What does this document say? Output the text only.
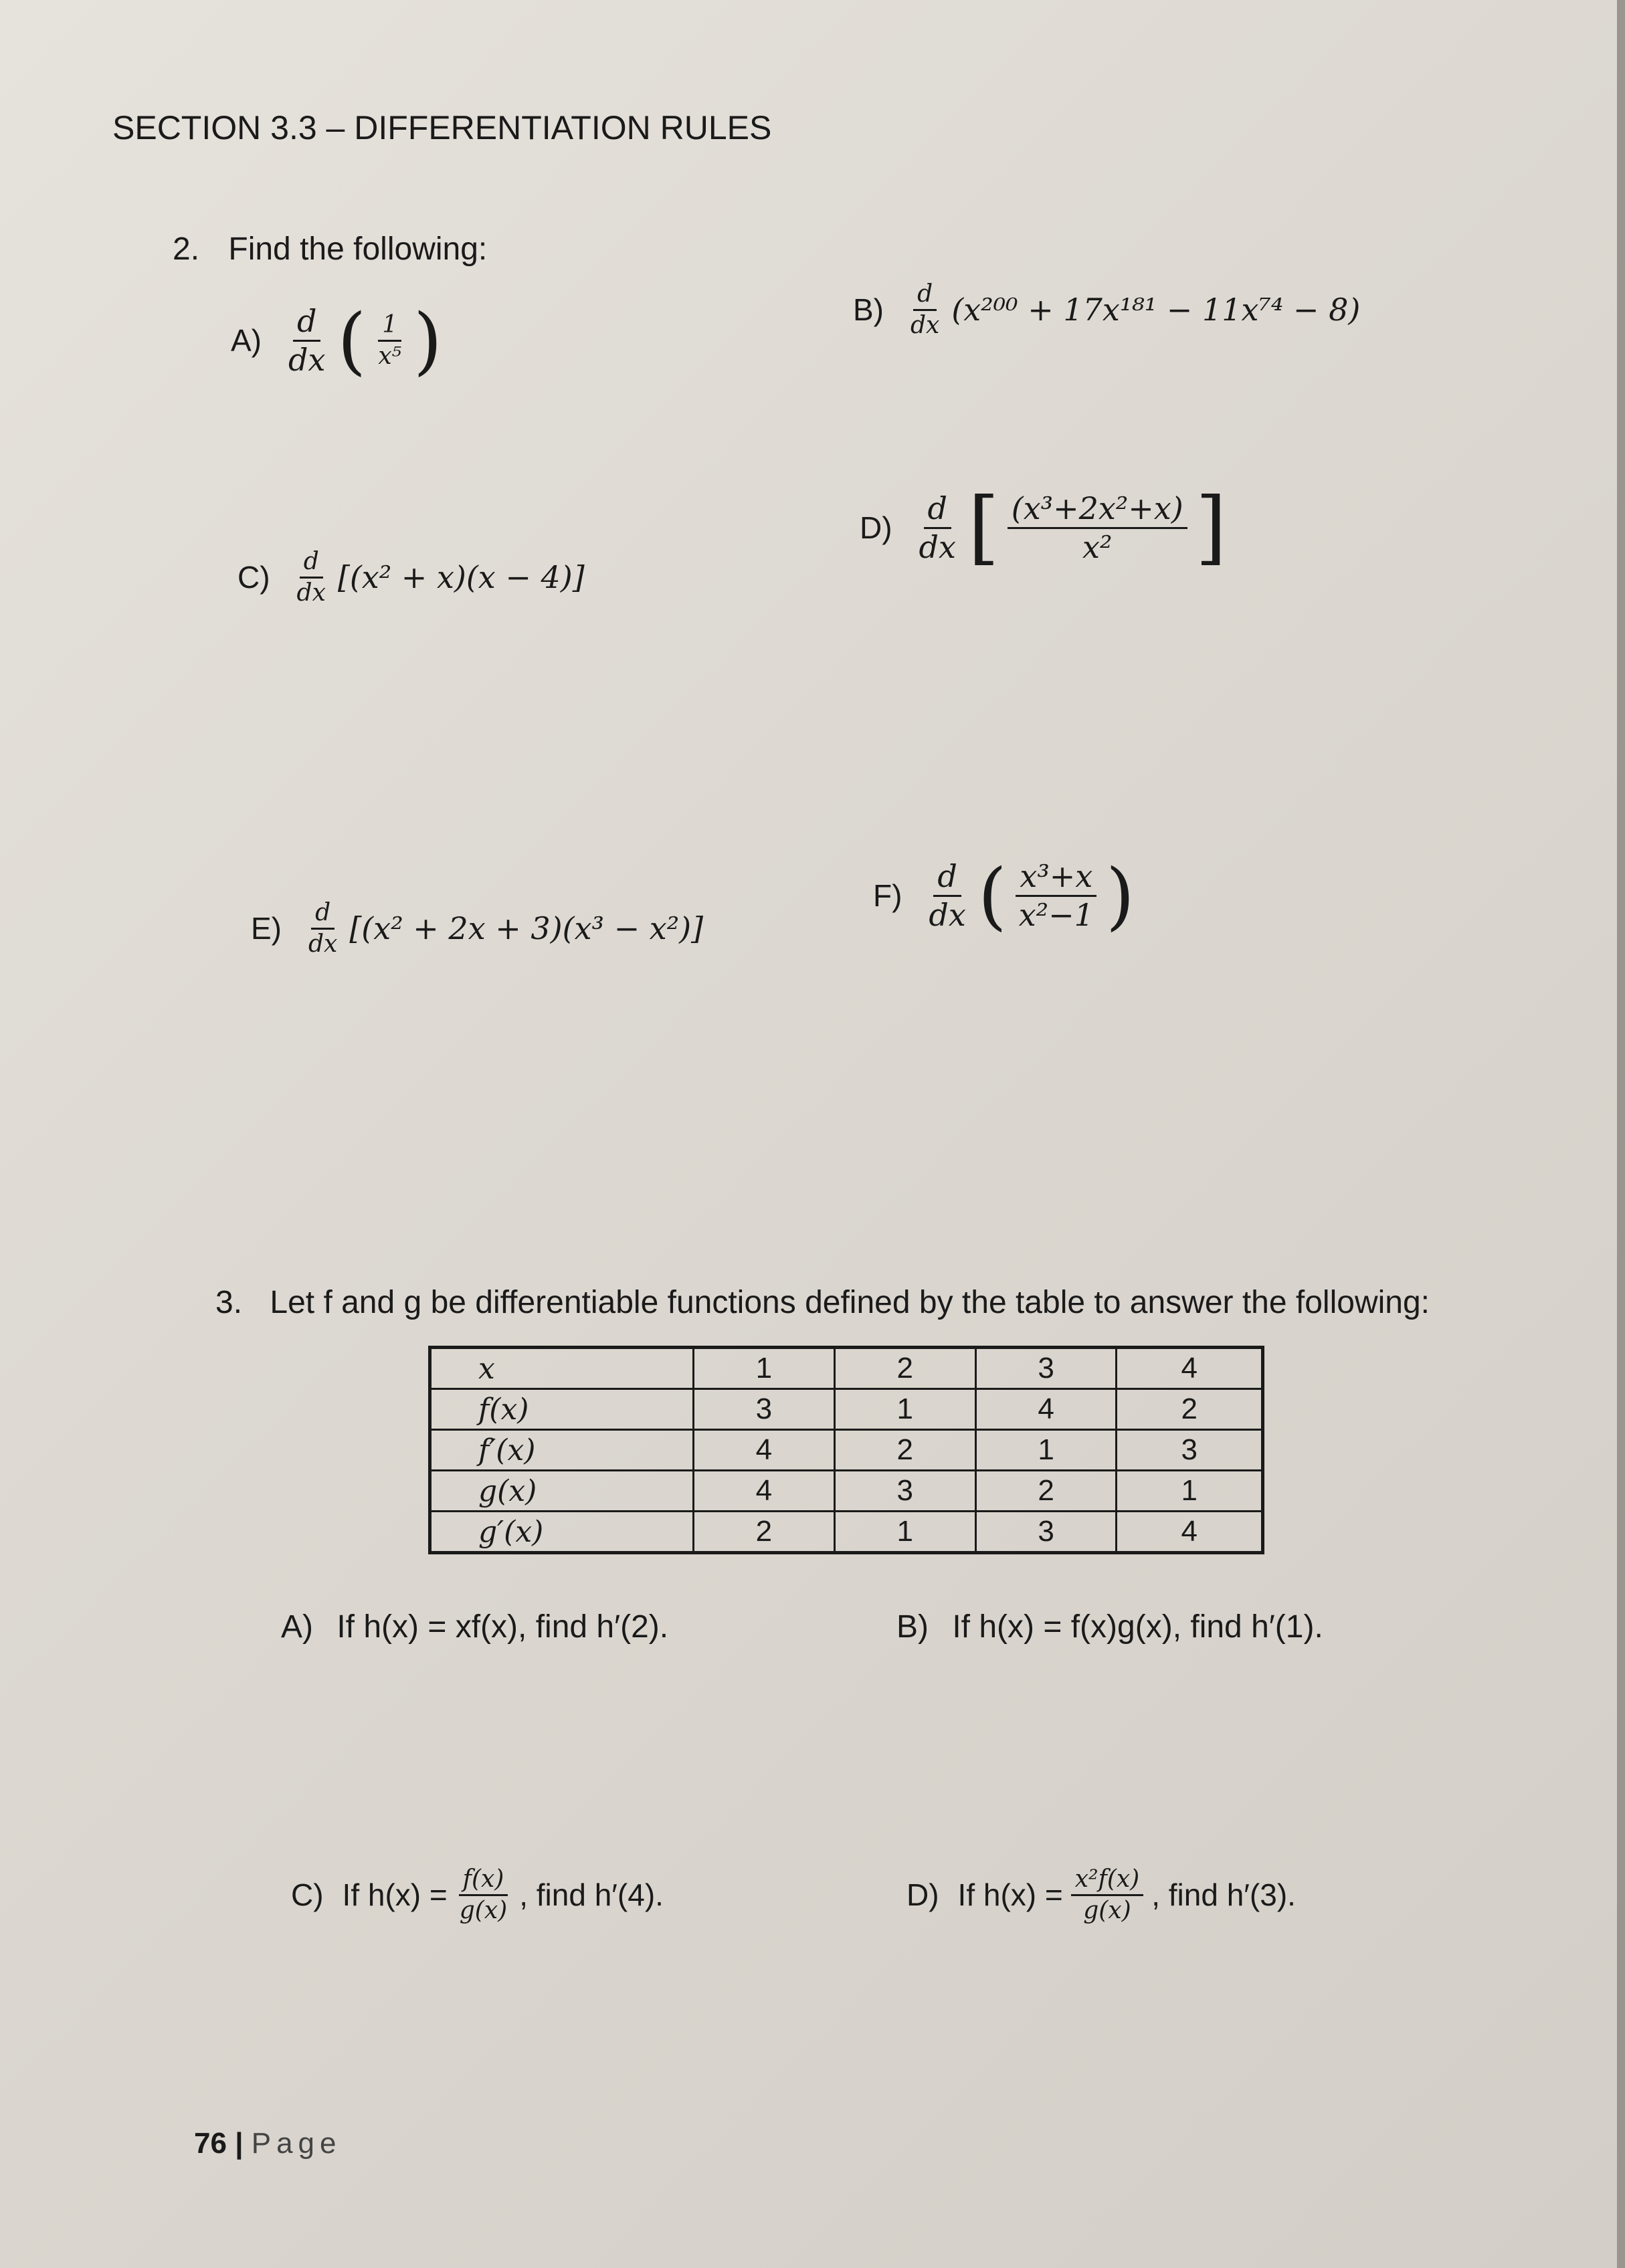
SECTION 3.3 – DIFFERENTIATION RULES
2. Find the following:
$A) \frac{d}{dx}$ ( $\frac{1}{\text{x⁵}}$ )	$B) \frac{d}{dx} (x^{200} + 17x^{181} - 11x^{74} - 8)$
$C) \frac{d}{dx} [(x^2 + x)(x - 4)]$
$D) \frac{d}{dx}$ [ $\frac{\text{(x³+2x²+x)}}{\text{x²}}$ ]
$E) \frac{d}{dx} [(x^2 + 2x + 3)(x^3 - x^2)]$
$F) \frac{d}{dx}$ ( $\frac{\text{x³+x}}{\text{x²−1}}$ )
3. Let f and g be differentiable functions defined by the table to answer the following:
x	1	2	3	4
f(x)	3	1	4	2
f′(x)	4	2	1	3
g(x)	4	3	2	1
g′(x)	2	1	3	4
A) If h(x) = xf(x), find h′(2).	B) If h(x) = f(x)g(x), find h′(1).
C) If $h(x) = \frac{f(x)}{g(x)}$ , find h′(4).	D) If $h(x) = \frac{\text{x²f(x)}}{g(x)}$ , find h′(3).
76 | Page
